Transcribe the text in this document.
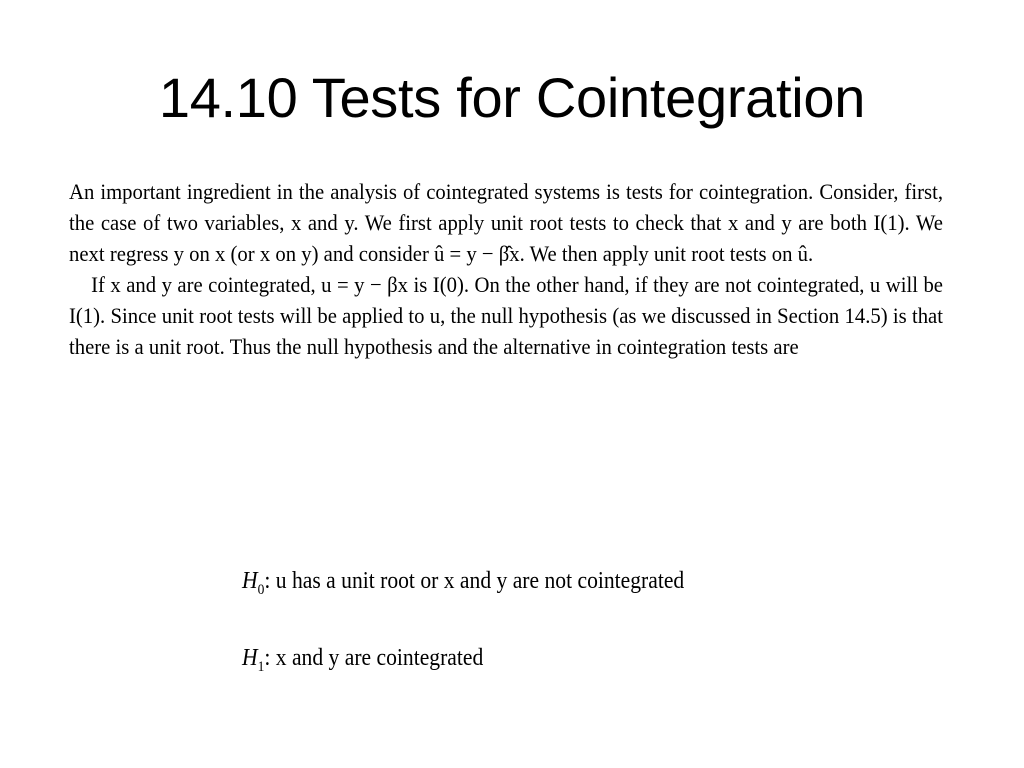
14.10 Tests for Cointegration

An important ingredient in the analysis of cointegrated systems is tests for cointegration. Consider, first, the case of two variables, x and y. We first apply unit root tests to check that x and y are both I(1). We next regress y on x (or x on y) and consider û = y − β̂x. We then apply unit root tests on û.

If x and y are cointegrated, u = y − βx is I(0). On the other hand, if they are not cointegrated, u will be I(1). Since unit root tests will be applied to u, the null hypothesis (as we discussed in Section 14.5) is that there is a unit root. Thus the null hypothesis and the alternative in cointegration tests are

$H_0$: u has a unit root or x and y are not cointegrated

$H_1$: x and y are cointegrated
